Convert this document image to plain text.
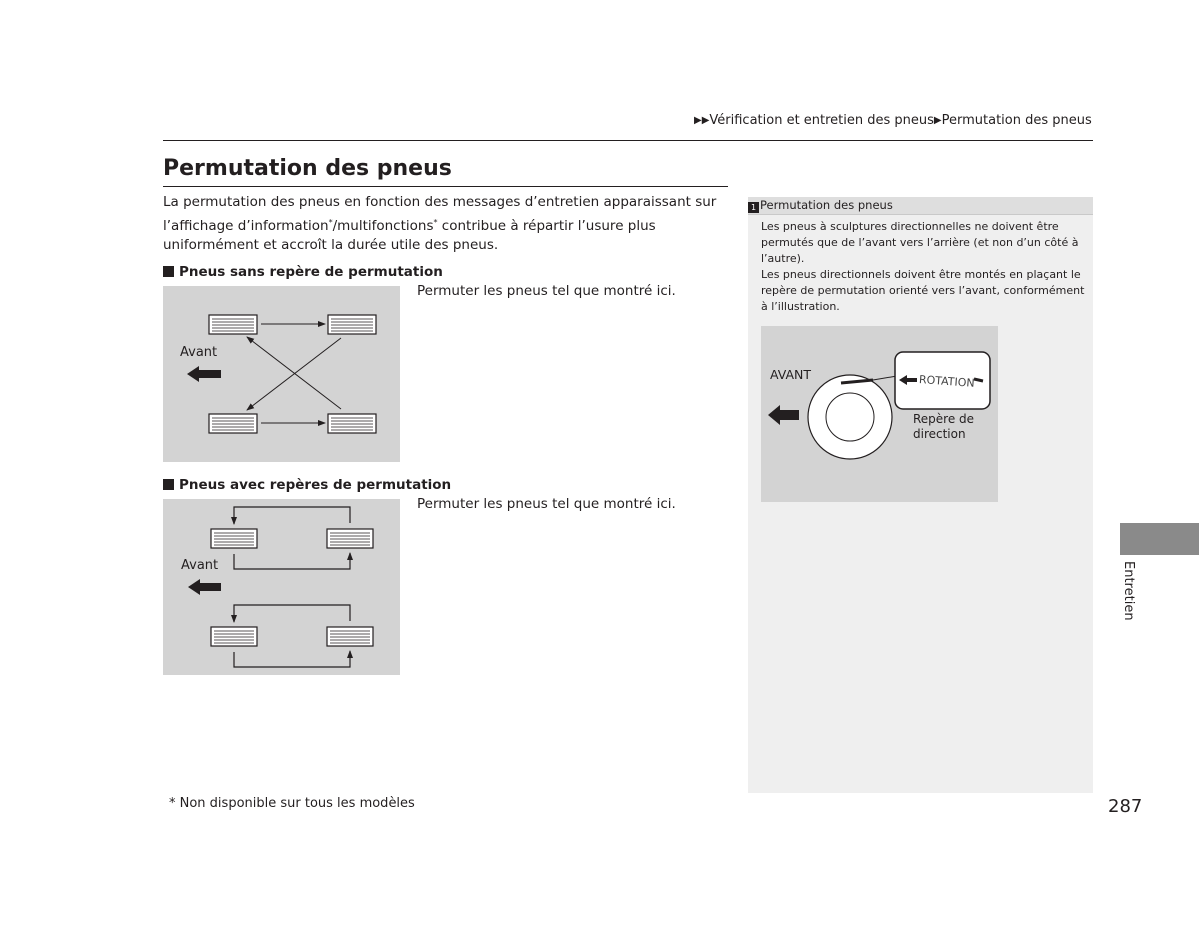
▶▶Vérification et entretien des pneus▶Permutation des pneus
Permutation des pneus
La permutation des pneus en fonction des messages d’entretien apparaissant sur l’affichage d’information*/multifonctions* contribue à répartir l’usure plus uniformément et accroît la durée utile des pneus.
Pneus sans repère de permutation
Permuter les pneus tel que montré ici.
Avant
Pneus avec repères de permutation
Permuter les pneus tel que montré ici.
Avant
1 Permutation des pneus
Les pneus à sculptures directionnelles ne doivent être permutés que de l’avant vers l’arrière (et non d’un côté à l’autre).
Les pneus directionnels doivent être montés en plaçant le repère de permutation orienté vers l’avant, conformément à l’illustration.
AVANT	ROTATION
Repère de
direction
* Non disponible sur tous les modèles	287
Entretien
